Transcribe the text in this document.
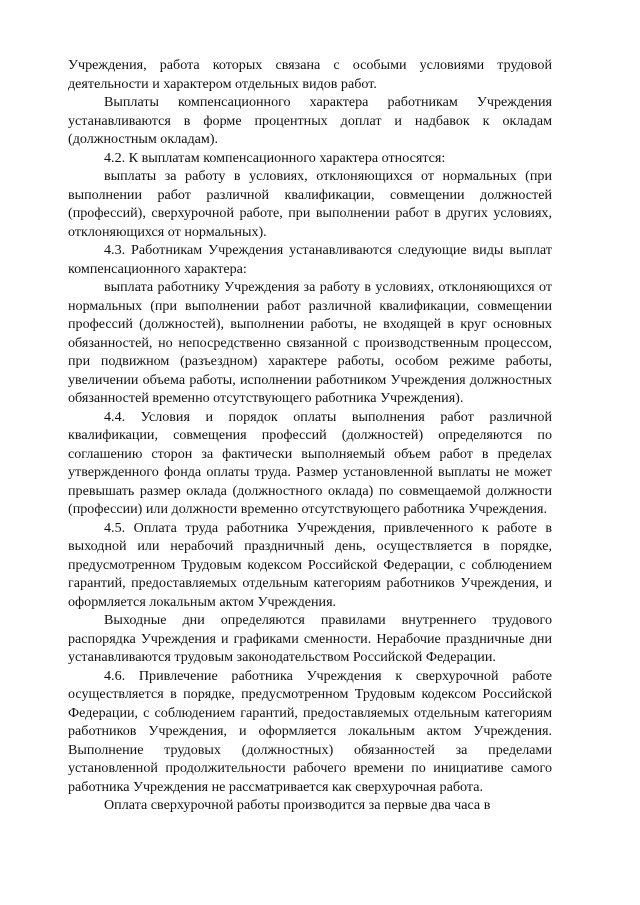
Учреждения, работа которых связана с особыми условиями трудовой деятельности и характером отдельных видов работ.

Выплаты компенсационного характера работникам Учреждения устанавливаются в форме процентных доплат и надбавок к окладам (должностным окладам).

4.2. К выплатам компенсационного характера относятся:

выплаты за работу в условиях, отклоняющихся от нормальных (при выполнении работ различной квалификации, совмещении должностей (профессий), сверхурочной работе, при выполнении работ в других условиях, отклоняющихся от нормальных).

4.3. Работникам Учреждения устанавливаются следующие виды выплат компенсационного характера:

выплата работнику Учреждения за работу в условиях, отклоняющихся от нормальных (при выполнении работ различной квалификации, совмещении профессий (должностей), выполнении работы, не входящей в круг основных обязанностей, но непосредственно связанной с производственным процессом, при подвижном (разъездном) характере работы, особом режиме работы, увеличении объема работы, исполнении работником Учреждения должностных обязанностей временно отсутствующего работника Учреждения).

4.4. Условия и порядок оплаты выполнения работ различной квалификации, совмещения профессий (должностей) определяются по соглашению сторон за фактически выполняемый объем работ в пределах утвержденного фонда оплаты труда. Размер установленной выплаты не может превышать размер оклада (должностного оклада) по совмещаемой должности (профессии) или должности временно отсутствующего работника Учреждения.

4.5. Оплата труда работника Учреждения, привлеченного к работе в выходной или нерабочий праздничный день, осуществляется в порядке, предусмотренном Трудовым кодексом Российской Федерации, с соблюдением гарантий, предоставляемых отдельным категориям работников Учреждения, и оформляется локальным актом Учреждения.

Выходные дни определяются правилами внутреннего трудового распорядка Учреждения и графиками сменности. Нерабочие праздничные дни устанавливаются трудовым законодательством Российской Федерации.

4.6. Привлечение работника Учреждения к сверхурочной работе осуществляется в порядке, предусмотренном Трудовым кодексом Российской Федерации, с соблюдением гарантий, предоставляемых отдельным категориям работников Учреждения, и оформляется локальным актом Учреждения. Выполнение трудовых (должностных) обязанностей за пределами установленной продолжительности рабочего времени по инициативе самого работника Учреждения не рассматривается как сверхурочная работа.

Оплата сверхурочной работы производится за первые два часа в
